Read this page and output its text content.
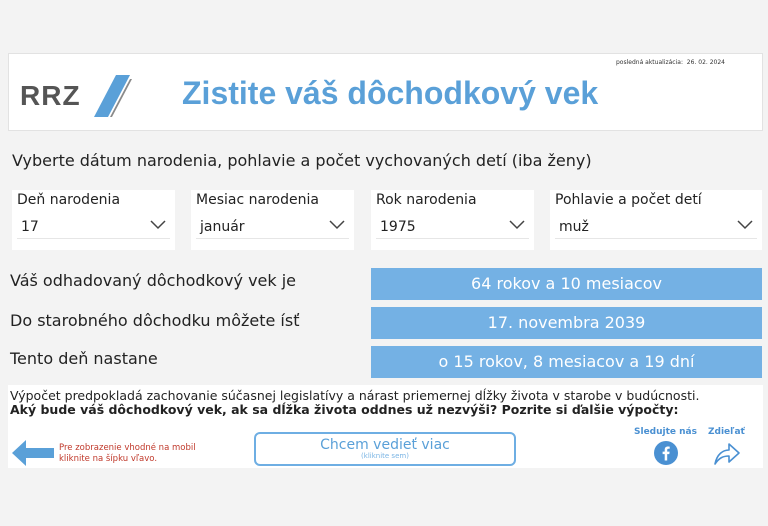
RRZ	Zistite váš dôchodkový vek
posledná aktualizácia: 26. 02. 2024
Vyberte dátum narodenia, pohlavie a počet vychovaných detí (iba ženy)
Deň narodenia
17
Mesiac narodenia
január
Rok narodenia
1975
Pohlavie a počet detí
muž
Váš odhadovaný dôchodkový vek je	64 rokov a 10 mesiacov
Do starobného dôchodku môžete ísť	17. novembra 2039
Tento deň nastane	o 15 rokov, 8 mesiacov a 19 dní
Výpočet predpokladá zachovanie súčasnej legislatívy a nárast priemernej dĺžky života v starobe v budúcnosti.
Aký bude váš dôchodkový vek, ak sa dĺžka života oddnes už nezvýši? Pozrite si ďalšie výpočty:
Pre zobrazenie vhodné na mobil
kliknite na šípku vľavo.
Chcem vedieť viac
(kliknite sem)
Sledujte nás Zdieľať
